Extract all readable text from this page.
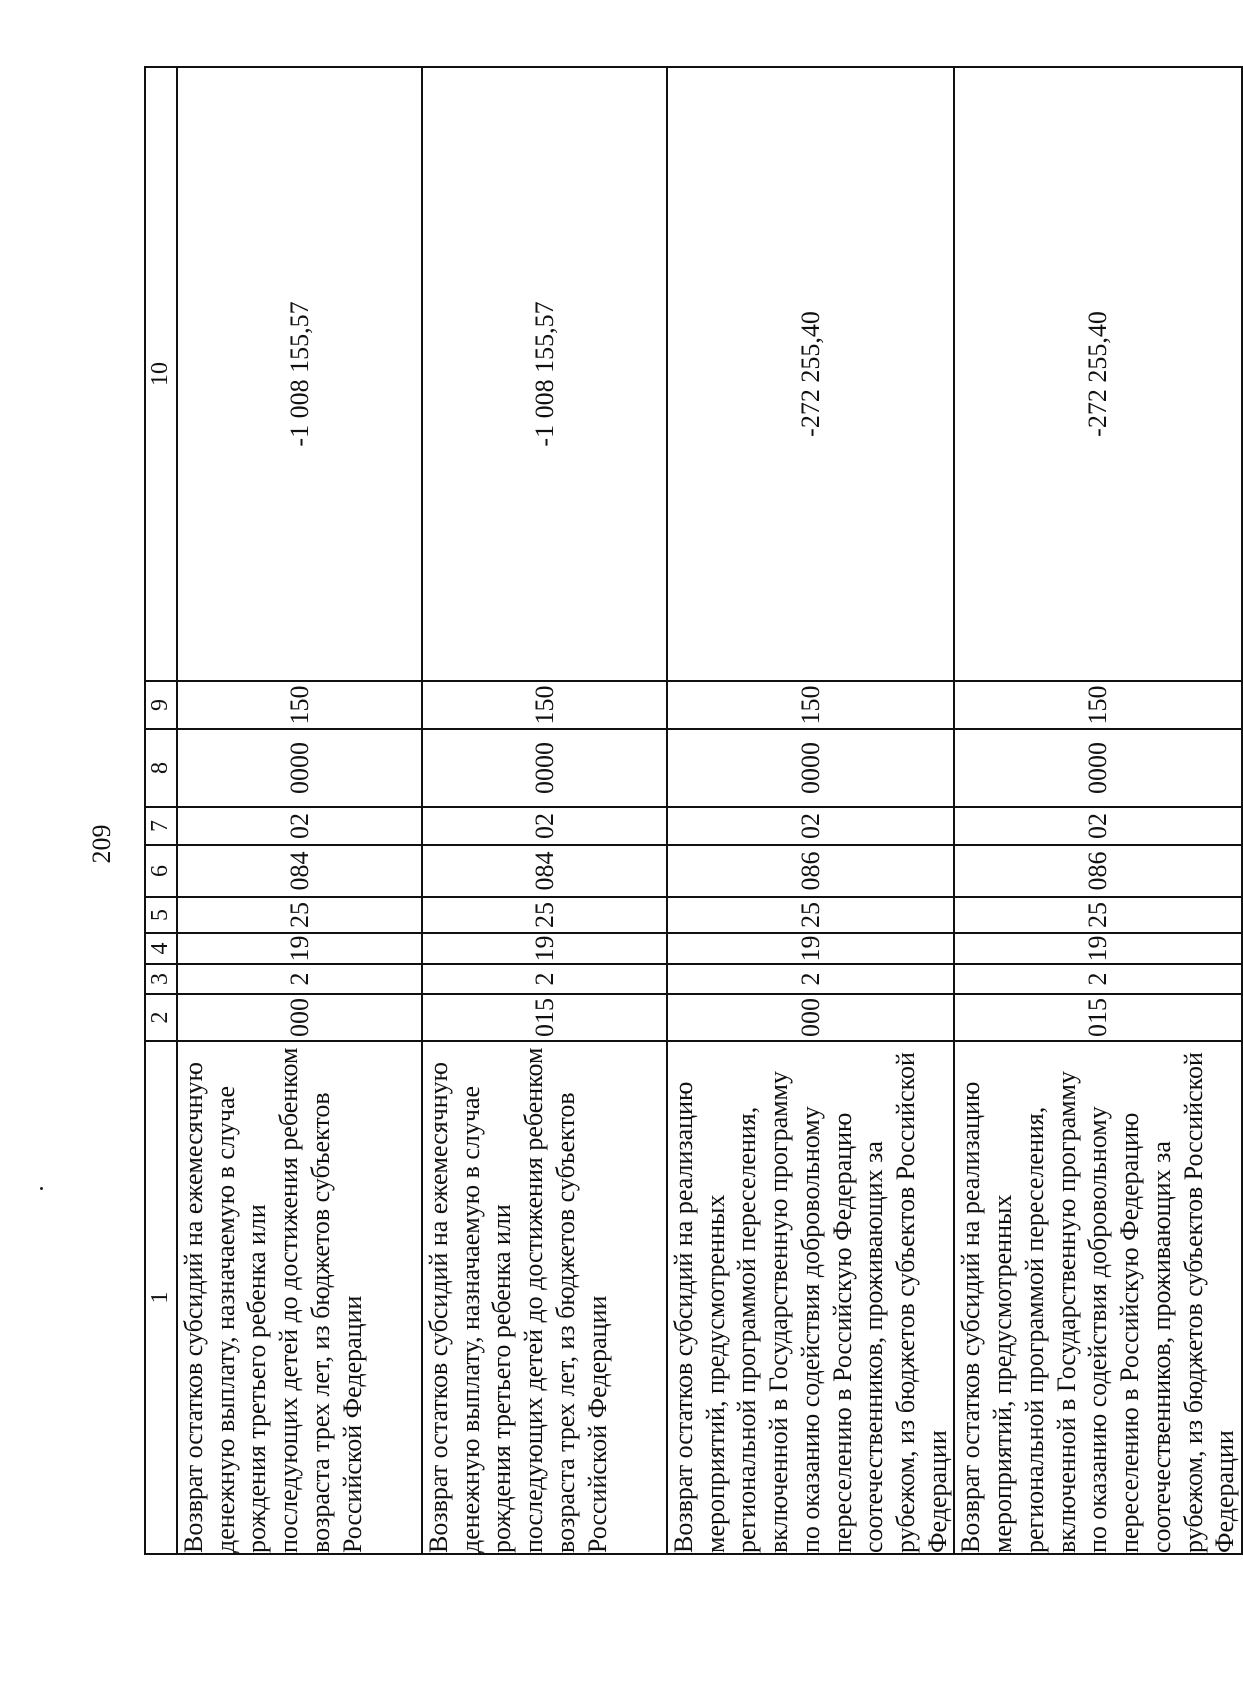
209
1	2	3	4	5	6	7	8	9	10
Возврат остатков субсидий на ежемесячную денежную выплату, назначаемую в случае рождения третьего ребенка или последующих детей до достижения ребенком возраста трех лет, из бюджетов субъектов Российской Федерации	000	2	19	25	084	02	0000	150	-1 008 155,57
Возврат остатков субсидий на ежемесячную денежную выплату, назначаемую в случае рождения третьего ребенка или последующих детей до достижения ребенком возраста трех лет, из бюджетов субъектов Российской Федерации	015	2	19	25	084	02	0000	150	-1 008 155,57
Возврат остатков субсидий на реализацию мероприятий, предусмотренных региональной программой переселения, включенной в Государственную программу по оказанию содействия добровольному переселению в Российскую Федерацию соотечественников, проживающих за рубежом, из бюджетов субъектов Российской Федерации	000	2	19	25	086	02	0000	150	-272 255,40
Возврат остатков субсидий на реализацию мероприятий, предусмотренных региональной программой переселения, включенной в Государственную программу по оказанию содействия добровольному переселению в Российскую Федерацию соотечественников, проживающих за рубежом, из бюджетов субъектов Российской Федерации	015	2	19	25	086	02	0000	150	-272 255,40
